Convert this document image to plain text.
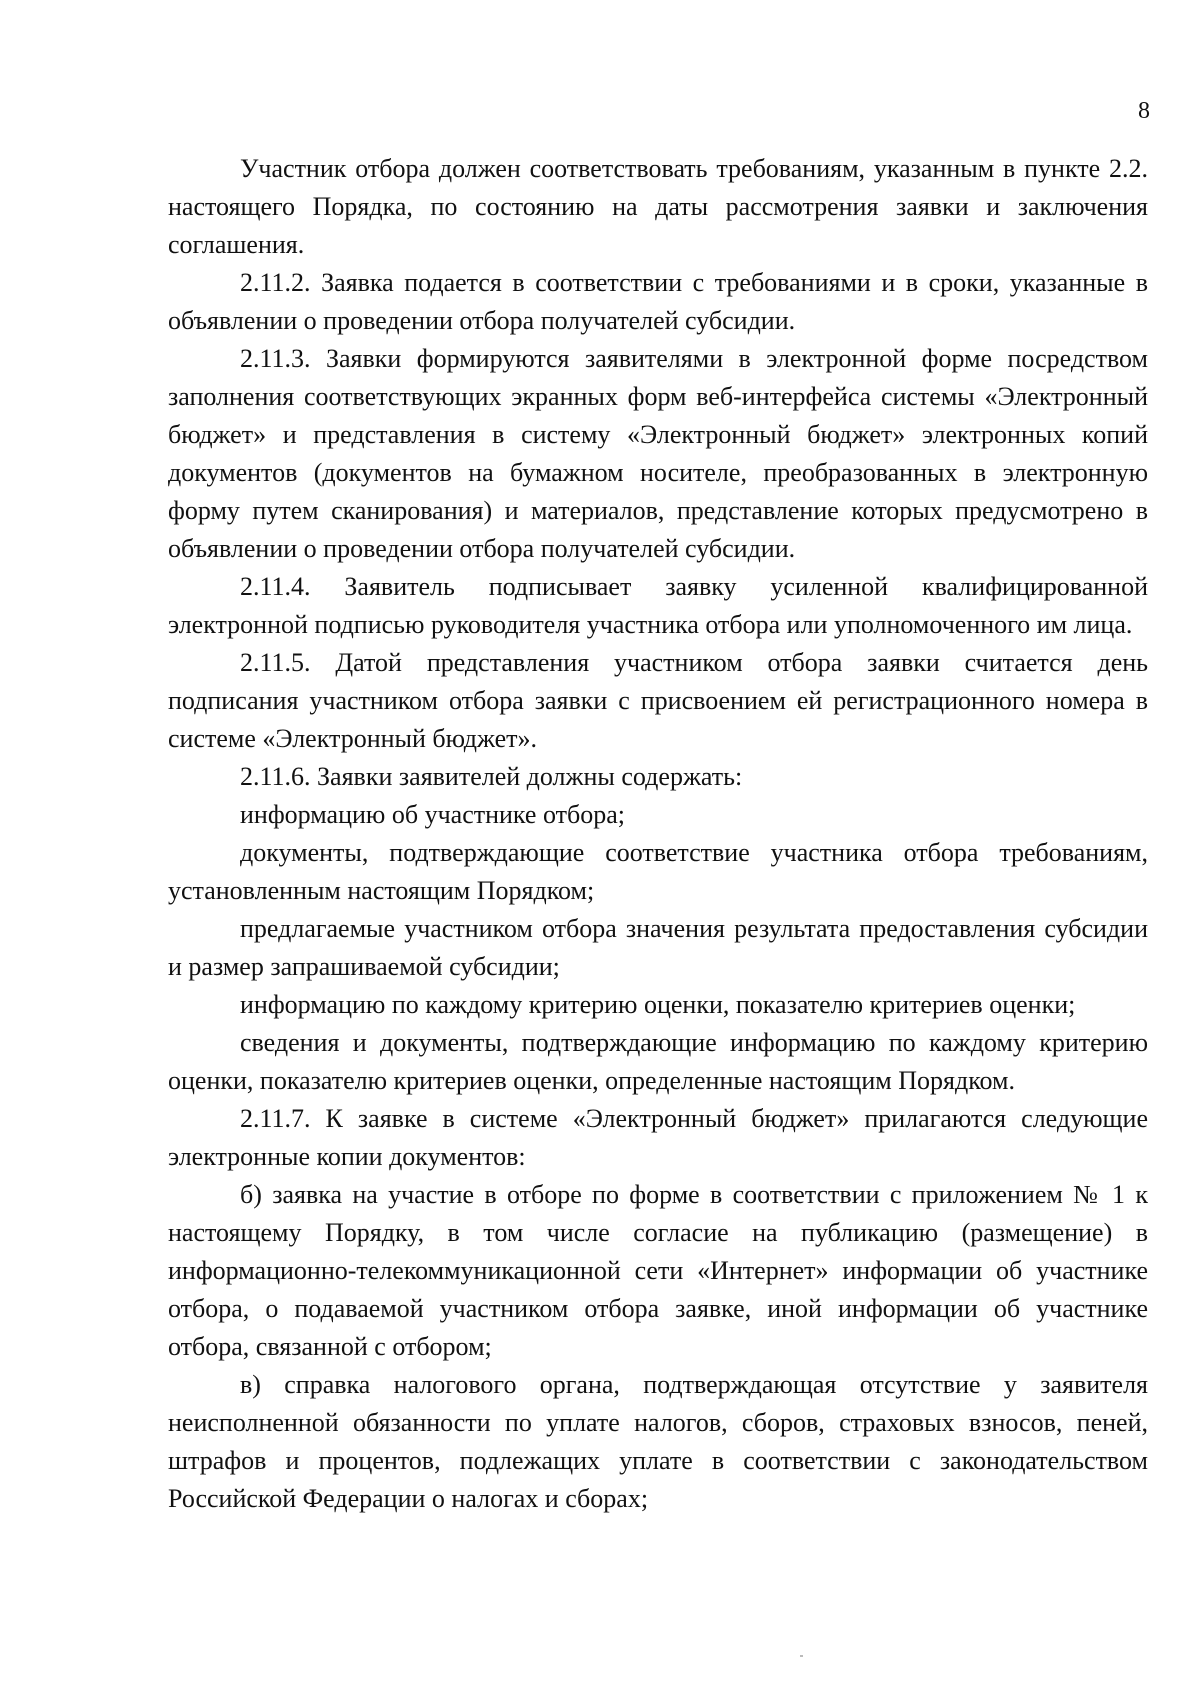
8

Участник отбора должен соответствовать требованиям, указанным в пункте 2.2. настоящего Порядка, по состоянию на даты рассмотрения заявки и заключения соглашения.

2.11.2. Заявка подается в соответствии с требованиями и в сроки, указанные в объявлении о проведении отбора получателей субсидии.

2.11.3. Заявки формируются заявителями в электронной форме посредством заполнения соответствующих экранных форм веб-интерфейса системы «Электронный бюджет» и представления в систему «Электронный бюджет» электронных копий документов (документов на бумажном носителе, преобразованных в электронную форму путем сканирования) и материалов, представление которых предусмотрено в объявлении о проведении отбора получателей субсидии.

2.11.4. Заявитель подписывает заявку усиленной квалифицированной электронной подписью руководителя участника отбора или уполномоченного им лица.

2.11.5. Датой представления участником отбора заявки считается день подписания участником отбора заявки с присвоением ей регистрационного номера в системе «Электронный бюджет».

2.11.6. Заявки заявителей должны содержать:

информацию об участнике отбора;

документы, подтверждающие соответствие участника отбора требованиям, установленным настоящим Порядком;

предлагаемые участником отбора значения результата предоставления субсидии и размер запрашиваемой субсидии;

информацию по каждому критерию оценки, показателю критериев оценки;

сведения и документы, подтверждающие информацию по каждому критерию оценки, показателю критериев оценки, определенные настоящим Порядком.

2.11.7. К заявке в системе «Электронный бюджет» прилагаются следующие электронные копии документов:

б) заявка на участие в отборе по форме в соответствии с приложением № 1 к настоящему Порядку, в том числе согласие на публикацию (размещение) в информационно-телекоммуникационной сети «Интернет» информации об участнике отбора, о подаваемой участником отбора заявке, иной информации об участнике отбора, связанной с отбором;

в) справка налогового органа, подтверждающая отсутствие у заявителя неисполненной обязанности по уплате налогов, сборов, страховых взносов, пеней, штрафов и процентов, подлежащих уплате в соответствии с законодательством Российской Федерации о налогах и сборах;
